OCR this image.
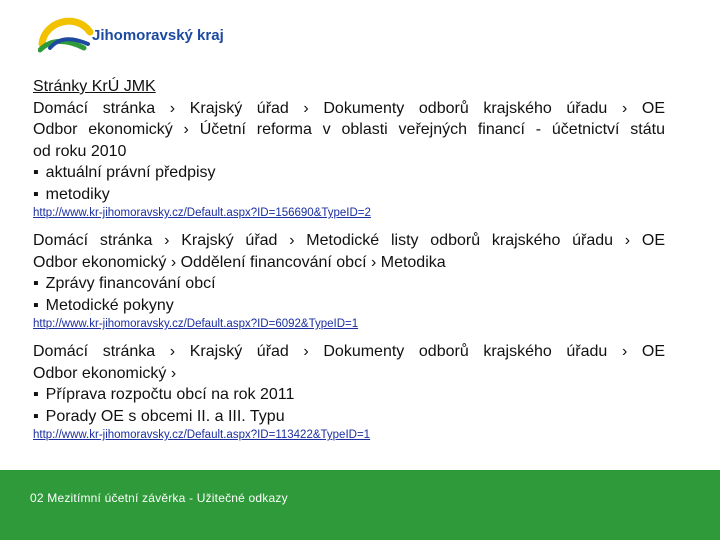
Jihomoravský kraj

Stránky KrÚ JMK

Domácí stránka › Krajský úřad › Dokumenty odborů krajského úřadu › OE

Odbor ekonomický › Účetní reforma v oblasti veřejných financí - účetnictví státu

od roku 2010

▪ aktuální právní předpisy

▪ metodiky

http://www.kr-jihomoravsky.cz/Default.aspx?ID=156690&TypeID=2

Domácí stránka › Krajský úřad › Metodické listy odborů krajského úřadu › OE

Odbor ekonomický › Oddělení financování obcí › Metodika

▪ Zprávy financování obcí

▪ Metodické pokyny

http://www.kr-jihomoravsky.cz/Default.aspx?ID=6092&TypeID=1

Domácí stránka › Krajský úřad › Dokumenty odborů krajského úřadu › OE

Odbor ekonomický ›

▪ Příprava rozpočtu obcí na rok 2011

▪ Porady OE s obcemi II. a III. Typu

http://www.kr-jihomoravsky.cz/Default.aspx?ID=113422&TypeID=1
02 Mezitímní účetní závěrka - Užitečné odkazy
